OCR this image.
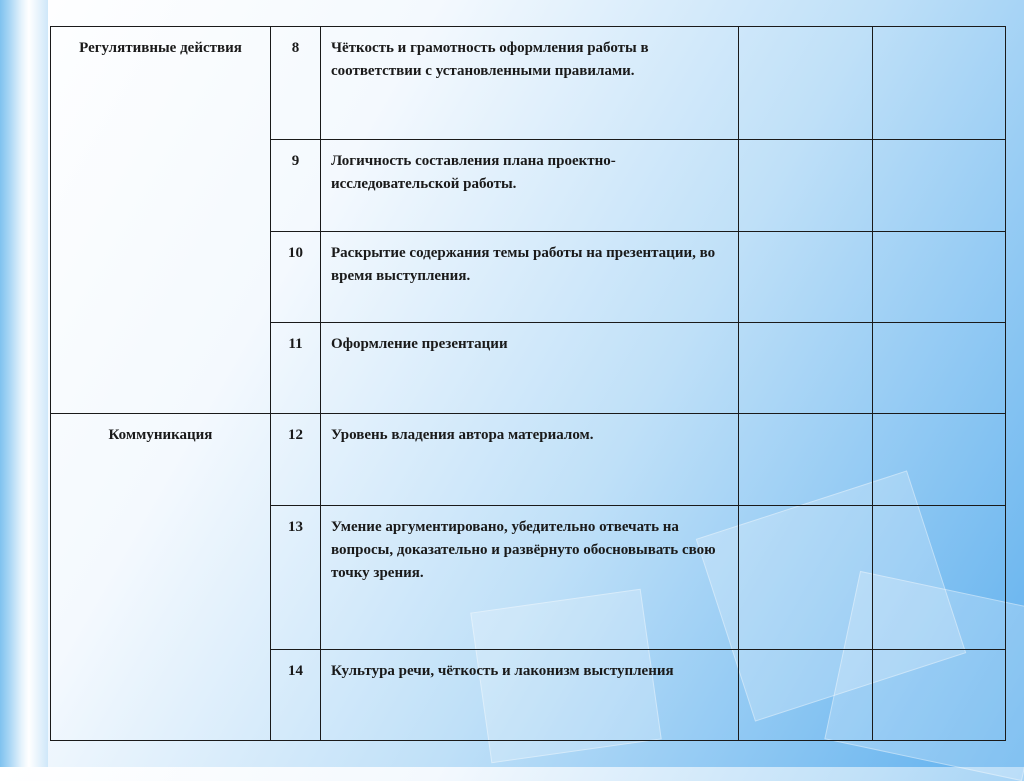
Регулятивные действия	8	Чёткость и грамотность оформления работы в соответствии с установленными правилами.		
	9	Логичность составления плана проектно-исследовательской работы.		
	10	Раскрытие содержания темы работы на презентации, во время выступления.		
	11	Оформление презентации		
Коммуникация	12	Уровень владения автора материалом.		
	13	Умение аргументировано, убедительно отвечать на вопросы, доказательно и развёрнуто обосновывать свою точку зрения.		
	14	Культура речи, чёткость и лаконизм выступления		
